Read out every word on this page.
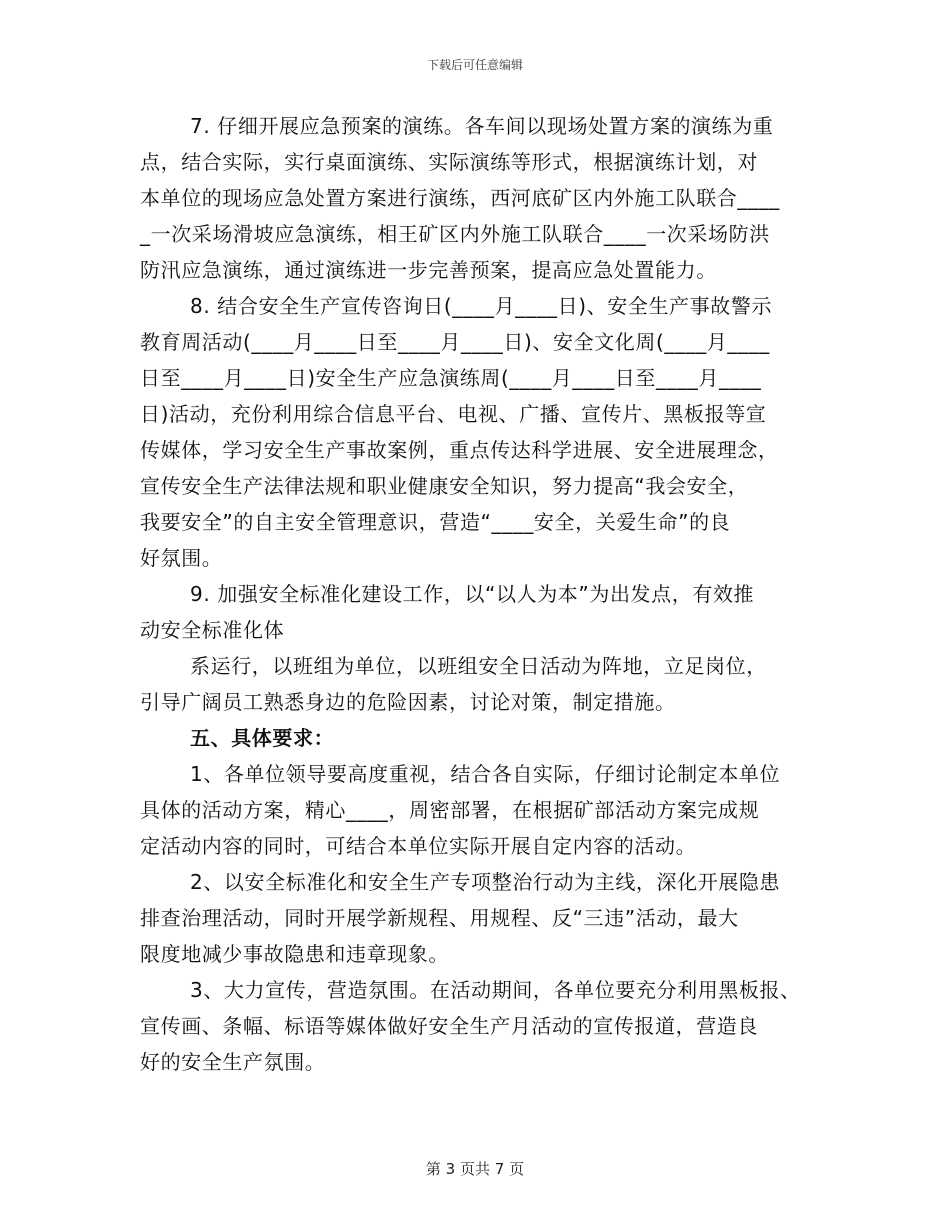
下载后可任意编辑
7. 仔细开展应急预案的演练。各车间以现场处置方案的演练为重
点，结合实际，实行桌面演练、实际演练等形式，根据演练计划，对
本单位的现场应急处置方案进行演练，西河底矿区内外施工队联合____
_一次采场滑坡应急演练，相王矿区内外施工队联合____一次采场防洪
防汛应急演练，通过演练进一步完善预案，提高应急处置能力。
8. 结合安全生产宣传咨询日(____月____日)、安全生产事故警示
教育周活动(____月____日至____月____日)、安全文化周(____月____
日至____月____日)安全生产应急演练周(____月____日至____月____
日)活动，充份利用综合信息平台、电视、广播、宣传片、黑板报等宣
传媒体，学习安全生产事故案例，重点传达科学进展、安全进展理念，
宣传安全生产法律法规和职业健康安全知识，努力提高“我会安全，
我要安全”的自主安全管理意识，营造“____安全，关爱生命”的良
好氛围。
9. 加强安全标准化建设工作，以“以人为本”为出发点，有效推
动安全标准化体
系运行，以班组为单位，以班组安全日活动为阵地，立足岗位，
引导广阔员工熟悉身边的危险因素，讨论对策，制定措施。
五、具体要求：
1、各单位领导要高度重视，结合各自实际，仔细讨论制定本单位
具体的活动方案，精心____，周密部署，在根据矿部活动方案完成规
定活动内容的同时，可结合本单位实际开展自定内容的活动。
2、以安全标准化和安全生产专项整治行动为主线，深化开展隐患
排查治理活动，同时开展学新规程、用规程、反“三违”活动，最大
限度地减少事故隐患和违章现象。
3、大力宣传，营造氛围。在活动期间，各单位要充分利用黑板报、
宣传画、条幅、标语等媒体做好安全生产月活动的宣传报道，营造良
好的安全生产氛围。
第 3 页共 7 页
